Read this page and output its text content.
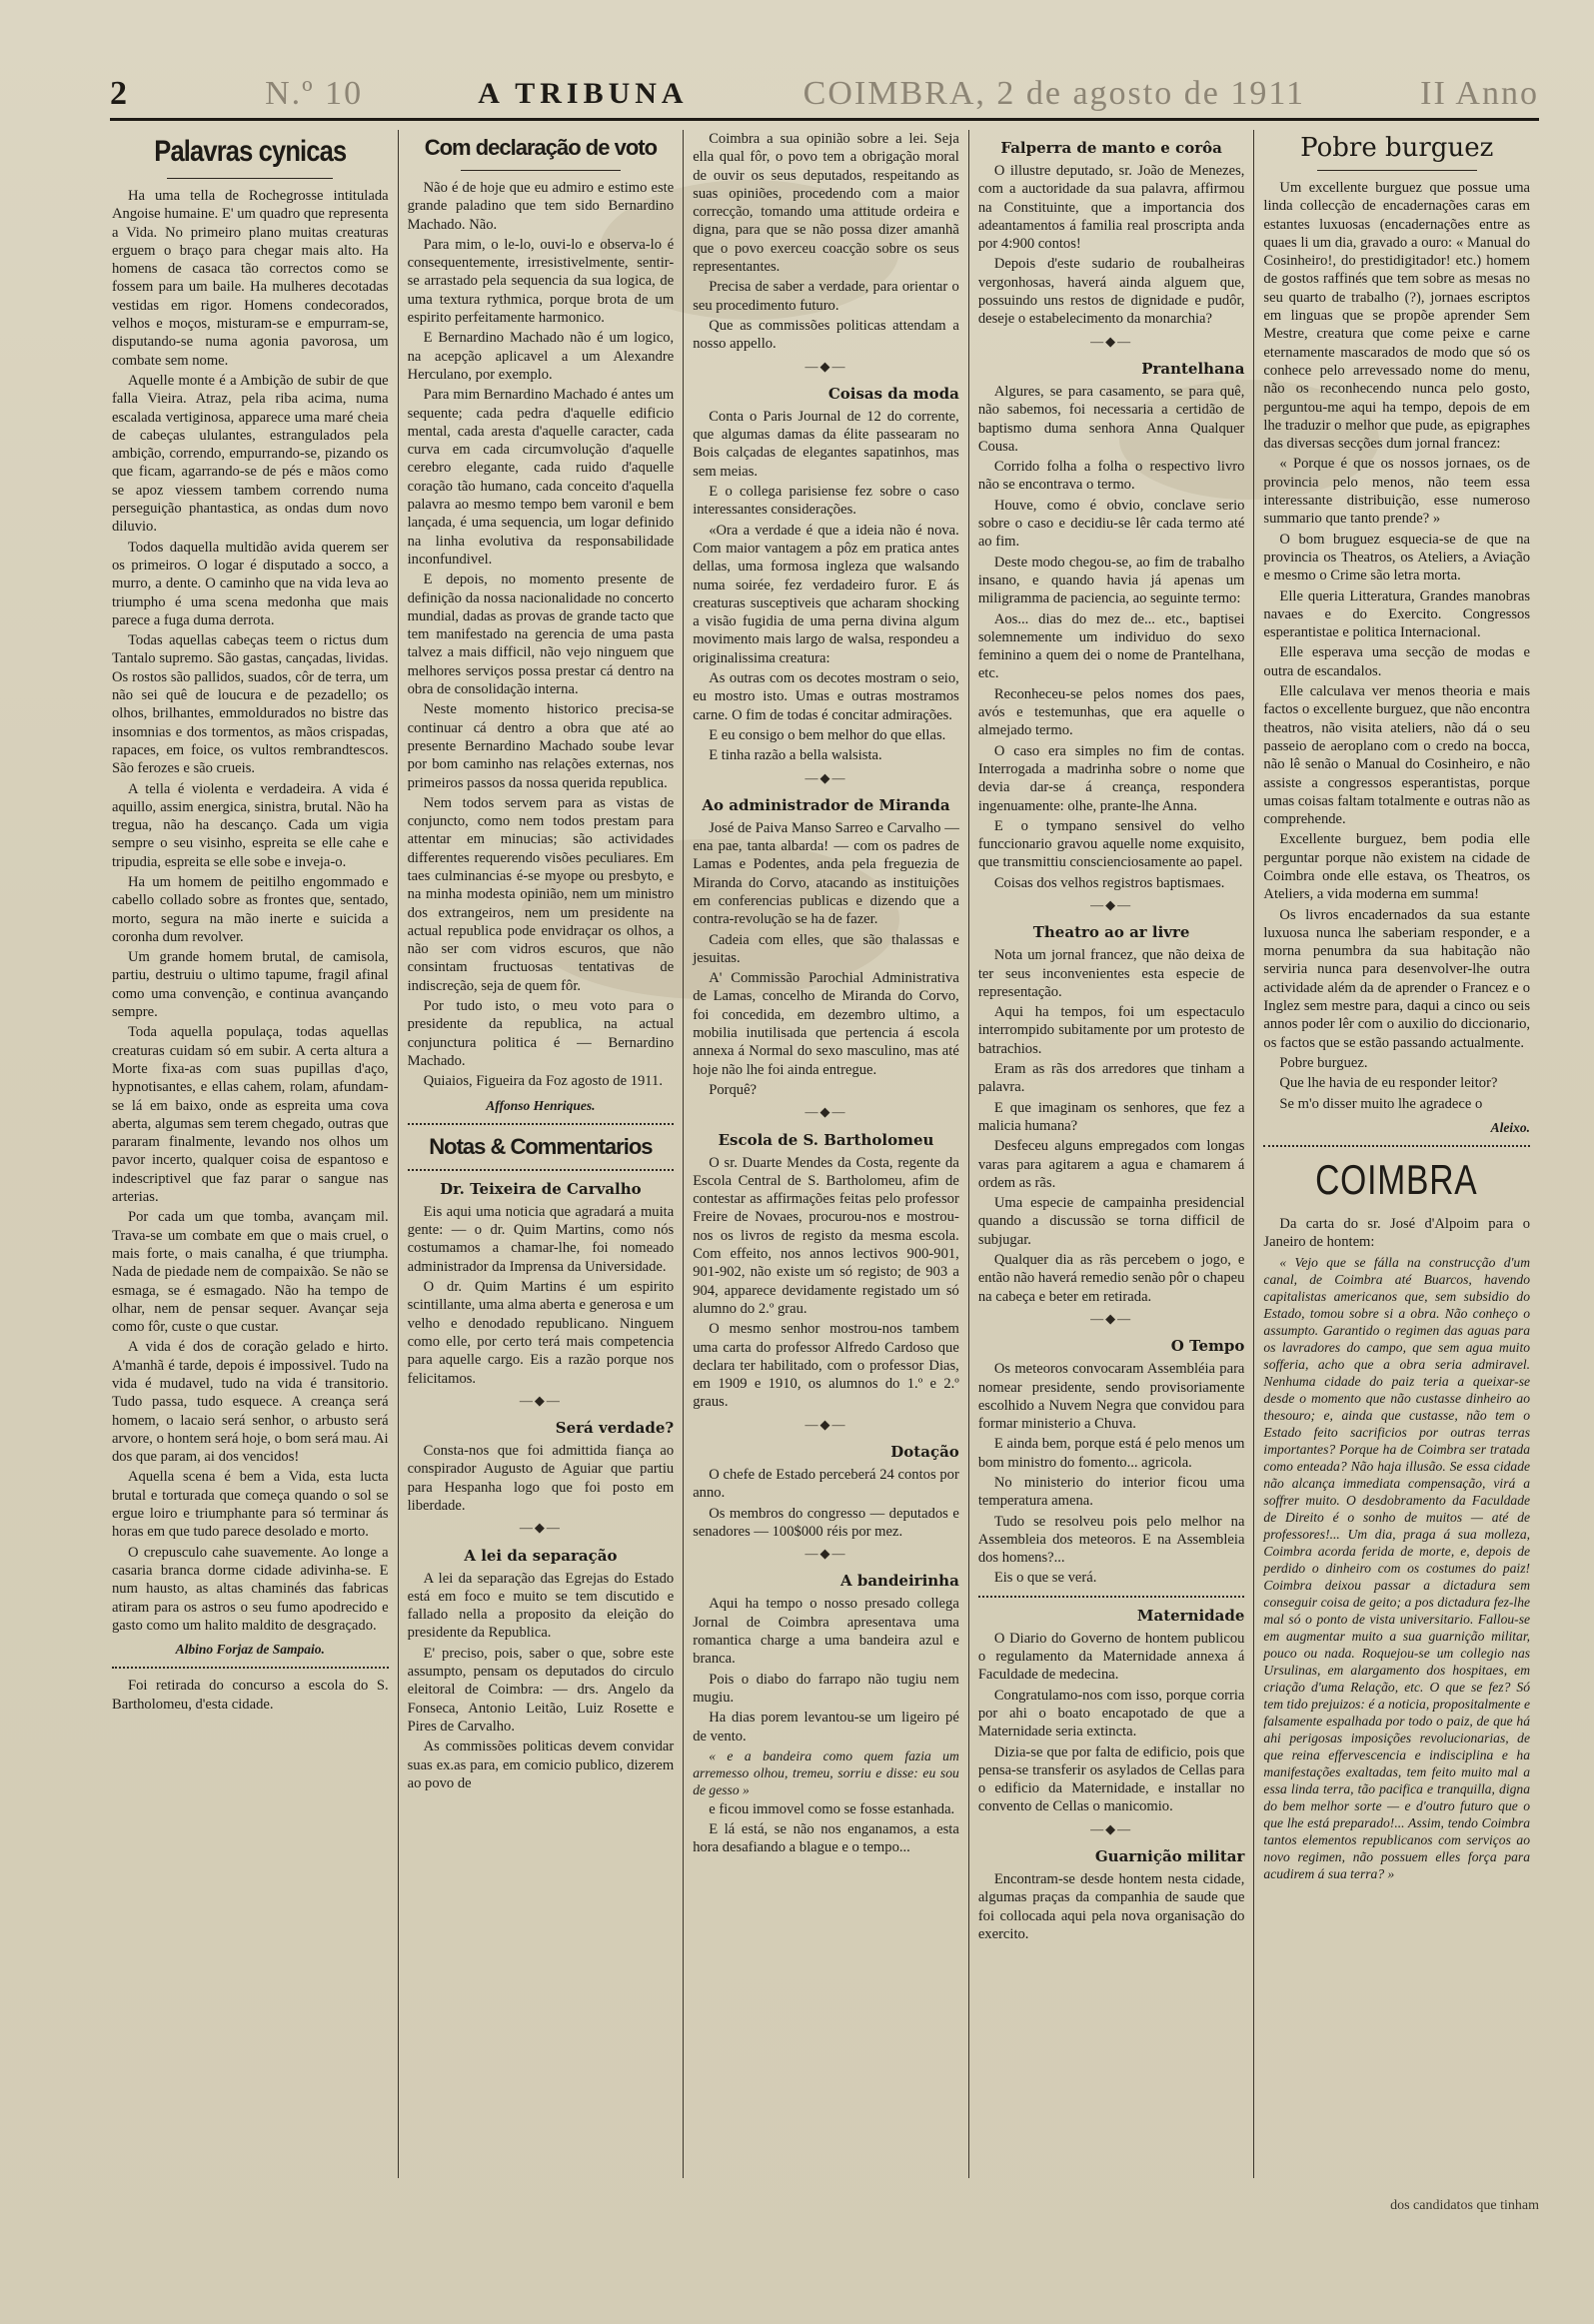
2	N.º 10	A TRIBUNA	COIMBRA, 2 de agosto de 1911	II Anno
Palavras cynicas

Ha uma tella de Rochegrosse intitulada Angoise humaine. E' um quadro que representa a Vida. No primeiro plano muitas creaturas erguem o braço para chegar mais alto. Ha homens de casaca tão correctos como se fossem para um baile. Ha mulheres decotadas vestidas em rigor. Homens condecorados, velhos e moços, misturam-se e empurram-se, disputando-se numa agonia pavorosa, um combate sem nome.

Aquelle monte é a Ambição de subir de que falla Vieira. Atraz, pela riba acima, numa escalada vertiginosa, apparece uma maré cheia de cabeças ululantes, estrangulados pela ambição, correndo, empurrando-se, pizando os que ficam, agarrando-se de pés e mãos como se apoz viessem tambem correndo numa perseguição phantastica, as ondas dum novo diluvio.

Todos daquella multidão avida querem ser os primeiros. O logar é disputado a socco, a murro, a dente. O caminho que na vida leva ao triumpho é uma scena medonha que mais parece a fuga duma derrota.

Todas aquellas cabeças teem o rictus dum Tantalo supremo. São gastas, cançadas, lividas. Os rostos são pallidos, suados, côr de terra, um não sei quê de loucura e de pezadello; os olhos, brilhantes, emmoldurados no bistre das insomnias e dos tormentos, as mãos crispadas, rapaces, em foice, os vultos rembrandtescos. São ferozes e são crueis.

A tella é violenta e verdadeira. A vida é aquillo, assim energica, sinistra, brutal. Não ha tregua, não ha descanço. Cada um vigia sempre o seu visinho, espreita se elle cahe e tripudia, espreita se elle sobe e inveja-o.

Ha um homem de peitilho engommado e cabello collado sobre as frontes que, sentado, morto, segura na mão inerte e suicida a coronha dum revolver.

Um grande homem brutal, de camisola, partiu, destruiu o ultimo tapume, fragil afinal como uma convenção, e continua avançando sempre.

Toda aquella populaça, todas aquellas creaturas cuidam só em subir. A certa altura a Morte fixa-as com suas pupillas d'aço, hypnotisantes, e ellas cahem, rolam, afundam-se lá em baixo, onde as espreita uma cova aberta, algumas sem terem chegado, outras que pararam finalmente, levando nos olhos um pavor incerto, qualquer coisa de espantoso e indescriptivel que faz parar o sangue nas arterias.

Por cada um que tomba, avançam mil. Trava-se um combate em que o mais cruel, o mais forte, o mais canalha, é que triumpha. Nada de piedade nem de compaixão. Se não se esmaga, se é esmagado. Não ha tempo de olhar, nem de pensar sequer. Avançar seja como fôr, custe o que custar.

A vida é dos de coração gelado e hirto. A'manhã é tarde, depois é impossivel. Tudo na vida é mudavel, tudo na vida é transitorio. Tudo passa, tudo esquece. A creança será homem, o lacaio será senhor, o arbusto será arvore, o hontem será hoje, o bom será mau. Ai dos que param, ai dos vencidos!

Aquella scena é bem a Vida, esta lucta brutal e torturada que começa quando o sol se ergue loiro e triumphante para só terminar ás horas em que tudo parece desolado e morto.

O crepusculo cahe suavemente. Ao longe a casaria branca dorme cidade adivinha-se. E num hausto, as altas chaminés das fabricas atiram para os astros o seu fumo apodrecido e gasto como um halito maldito de desgraçado.

Albino Forjaz de Sampaio.

Foi retirada do concurso a escola do S. Bartholomeu, d'esta cidade.

Com declaração de voto

Não é de hoje que eu admiro e estimo este grande paladino que tem sido Bernardino Machado. Não.

Para mim, o le-lo, ouvi-lo e observa-lo é consequentemente, irresistivelmente, sentir-se arrastado pela sequencia da sua logica, de uma textura rythmica, porque brota de um espirito perfeitamente harmonico.

E Bernardino Machado não é um logico, na acepção aplicavel a um Alexandre Herculano, por exemplo.

Para mim Bernardino Machado é antes um sequente; cada pedra d'aquelle edificio mental, cada aresta d'aquelle caracter, cada curva em cada circumvolução d'aquelle cerebro elegante, cada ruido d'aquelle coração tão humano, cada conceito d'aquella palavra ao mesmo tempo bem varonil e bem lançada, é uma sequencia, um logar definido na linha evolutiva da responsabilidade inconfundivel.

E depois, no momento presente de definição da nossa nacionalidade no concerto mundial, dadas as provas de grande tacto que tem manifestado na gerencia de uma pasta talvez a mais difficil, não vejo ninguem que melhores serviços possa prestar cá dentro na obra de consolidação interna.

Neste momento historico precisa-se continuar cá dentro a obra que até ao presente Bernardino Machado soube levar por bom caminho nas relações externas, nos primeiros passos da nossa querida republica.

Nem todos servem para as vistas de conjuncto, como nem todos prestam para attentar em minucias; são actividades differentes requerendo visões peculiares. Em taes culminancias é-se myope ou presbyto, e na minha modesta opinião, nem um ministro dos extrangeiros, nem um presidente na actual republica pode envidraçar os olhos, a não ser com vidros escuros, que não consintam fructuosas tentativas de indiscreção, seja de quem fôr.

Por tudo isto, o meu voto para o presidente da republica, na actual conjunctura politica é — Bernardino Machado.

Quiaios, Figueira da Foz agosto de 1911.

Affonso Henriques.
Notas & Commentarios
Dr. Teixeira de Carvalho

Eis aqui uma noticia que agradará a muita gente: — o dr. Quim Martins, como nós costumamos a chamar-lhe, foi nomeado administrador da Imprensa da Universidade.

O dr. Quim Martins é um espirito scintillante, uma alma aberta e generosa e um velho e denodado republicano. Ninguem como elle, por certo terá mais competencia para aquelle cargo. Eis a razão porque nos felicitamos.

—◆—
Será verdade?

Consta-nos que foi admittida fiança ao conspirador Augusto de Aguiar que partiu para Hespanha logo que foi posto em liberdade.

—◆—
A lei da separação

A lei da separação das Egrejas do Estado está em foco e muito se tem discutido e fallado nella a proposito da eleição do presidente da Republica.

E' preciso, pois, saber o que, sobre este assumpto, pensam os deputados do circulo eleitoral de Coimbra: — drs. Angelo da Fonseca, Antonio Leitão, Luiz Rosette e Pires de Carvalho.

As commissões politicas devem convidar suas ex.as para, em comicio publico, dizerem ao povo de

Coimbra a sua opinião sobre a lei. Seja ella qual fôr, o povo tem a obrigação moral de ouvir os seus deputados, respeitando as suas opiniões, procedendo com a maior correcção, tomando uma attitude ordeira e digna, para que se não possa dizer amanhã que o povo exerceu coacção sobre os seus representantes.

Precisa de saber a verdade, para orientar o seu procedimento futuro.

Que as commissões politicas attendam a nosso appello.

—◆—
Coisas da moda

Conta o Paris Journal de 12 do corrente, que algumas damas da élite passearam no Bois calçadas de elegantes sapatinhos, mas sem meias.

E o collega parisiense fez sobre o caso interessantes considerações.

«Ora a verdade é que a ideia não é nova. Com maior vantagem a pôz em pratica antes dellas, uma formosa ingleza que walsando numa soirée, fez verdadeiro furor. E ás creaturas susceptiveis que acharam shocking a visão fugidia de uma perna divina algum movimento mais largo de walsa, respondeu a originalissima creatura:

As outras com os decotes mostram o seio, eu mostro isto. Umas e outras mostramos carne. O fim de todas é concitar admirações.

E eu consigo o bem melhor do que ellas.

E tinha razão a bella walsista.

—◆—
Ao administrador de Miranda

José de Paiva Manso Sarreo e Carvalho — ena pae, tanta albarda! — com os padres de Lamas e Podentes, anda pela freguezia de Miranda do Corvo, atacando as instituições em conferencias publicas e dizendo que a contra-revolução se ha de fazer.

Cadeia com elles, que são thalassas e jesuitas.

A' Commissão Parochial Administrativa de Lamas, concelho de Miranda do Corvo, foi concedida, em dezembro ultimo, a mobilia inutilisada que pertencia á escola annexa á Normal do sexo masculino, mas até hoje não lhe foi ainda entregue.

Porquê?

—◆—
Escola de S. Bartholomeu

O sr. Duarte Mendes da Costa, regente da Escola Central de S. Bartholomeu, afim de contestar as affirmações feitas pelo professor Freire de Novaes, procurou-nos e mostrou-nos os livros de registo da mesma escola. Com effeito, nos annos lectivos 900-901, 901-902, não existe um só registo; de 903 a 904, apparece devidamente registado um só alumno do 2.º grau.

O mesmo senhor mostrou-nos tambem uma carta do professor Alfredo Cardoso que declara ter habilitado, com o professor Dias, em 1909 e 1910, os alumnos do 1.º e 2.º graus.

—◆—
Dotação

O chefe de Estado perceberá 24 contos por anno.

Os membros do congresso — deputados e senadores — 100$000 réis por mez.

—◆—
A bandeirinha

Aqui ha tempo o nosso presado collega Jornal de Coimbra apresentava uma romantica charge a uma bandeira azul e branca.

Pois o diabo do farrapo não tugiu nem mugiu.

Ha dias porem levantou-se um ligeiro pé de vento.

« e a bandeira como quem fazia um arremesso olhou, tremeu, sorriu e disse: eu sou de gesso »

e ficou immovel como se fosse estanhada.

E lá está, se não nos enganamos, a esta hora desafiando a blague e o tempo...

Falperra de manto e corôa

O illustre deputado, sr. João de Menezes, com a auctoridade da sua palavra, affirmou na Constituinte, que a importancia dos adeantamentos á familia real proscripta anda por 4:900 contos!

Depois d'este sudario de roubalheiras vergonhosas, haverá ainda alguem que, possuindo uns restos de dignidade e pudôr, deseje o estabelecimento da monarchia?

—◆—
Prantelhana

Algures, se para casamento, se para quê, não sabemos, foi necessaria a certidão de baptismo duma senhora Anna Qualquer Cousa.

Corrido folha a folha o respectivo livro não se encontrava o termo.

Houve, como é obvio, conclave serio sobre o caso e decidiu-se lêr cada termo até ao fim.

Deste modo chegou-se, ao fim de trabalho insano, e quando havia já apenas um miligramma de paciencia, ao seguinte termo:

Aos... dias do mez de... etc., baptisei solemnemente um individuo do sexo feminino a quem dei o nome de Prantelhana, etc.

Reconheceu-se pelos nomes dos paes, avós e testemunhas, que era aquelle o almejado termo.

O caso era simples no fim de contas. Interrogada a madrinha sobre o nome que devia dar-se á creança, respondera ingenuamente: olhe, prante-lhe Anna.

E o tympano sensivel do velho funccionario gravou aquelle nome exquisito, que transmittiu conscienciosamente ao papel.

Coisas dos velhos registros baptismaes.

—◆—
Theatro ao ar livre

Nota um jornal francez, que não deixa de ter seus inconvenientes esta especie de representação.

Aqui ha tempos, foi um espectaculo interrompido subitamente por um protesto de batrachios.

Eram as rãs dos arredores que tinham a palavra.

E que imaginam os senhores, que fez a malicia humana?

Desfeceu alguns empregados com longas varas para agitarem a agua e chamarem á ordem as rãs.

Uma especie de campainha presidencial quando a discussão se torna difficil de subjugar.

Qualquer dia as rãs percebem o jogo, e então não haverá remedio senão pôr o chapeu na cabeça e beter em retirada.

—◆—
O Tempo

Os meteoros convocaram Assembléia para nomear presidente, sendo provisoriamente escolhido a Nuvem Negra que convidou para formar ministerio a Chuva.

E ainda bem, porque está é pelo menos um bom ministro do fomento... agricola.

No ministerio do interior ficou uma temperatura amena.

Tudo se resolveu pois pelo melhor na Assembleia dos meteoros. E na Assembleia dos homens?...

Eis o que se verá.

Maternidade

O Diario do Governo de hontem publicou o regulamento da Maternidade annexa á Faculdade de medecina.

Congratulamo-nos com isso, porque corria por ahi o boato encapotado de que a Maternidade seria extincta.

Dizia-se que por falta de edificio, pois que pensa-se transferir os asylados de Cellas para o edificio da Maternidade, e installar no convento de Cellas o manicomio.

—◆—
Guarnição militar

Encontram-se desde hontem nesta cidade, algumas praças da companhia de saude que foi collocada aqui pela nova organisação do exercito.

Pobre burguez

Um excellente burguez que possue uma linda collecção de encadernações caras em estantes luxuosas (encadernações entre as quaes li um dia, gravado a ouro: « Manual do Cosinheiro!, do prestidigitador! etc.) homem de gostos raffinés que tem sobre as mesas no seu quarto de trabalho (?), jornaes escriptos em linguas que se propõe aprender Sem Mestre, creatura que come peixe e carne eternamente mascarados de modo que só os conhece pelo arrevessado nome do menu, não os reconhecendo nunca pelo gosto, perguntou-me aqui ha tempo, depois de em lhe traduzir o melhor que pude, as epigraphes das diversas secções dum jornal francez:

« Porque é que os nossos jornaes, os de provincia pelo menos, não teem essa interessante distribuição, esse numeroso summario que tanto prende? »

O bom bruguez esquecia-se de que na provincia os Theatros, os Ateliers, a Aviação e mesmo o Crime são letra morta.

Elle queria Litteratura, Grandes manobras navaes e do Exercito. Congressos esperantistae e politica Internacional.

Elle esperava uma secção de modas e outra de escandalos.

Elle calculava ver menos theoria e mais factos o excellente burguez, que não encontra theatros, não visita ateliers, não dá o seu passeio de aeroplano com o credo na bocca, não lê senão o Manual do Cosinheiro, e não assiste a congressos esperantistas, porque umas coisas faltam totalmente e outras não as comprehende.

Excellente burguez, bem podia elle perguntar porque não existem na cidade de Coimbra onde elle estava, os Theatros, os Ateliers, a vida moderna em summa!

Os livros encadernados da sua estante luxuosa nunca lhe saberiam responder, e a morna penumbra da sua habitação não serviria nunca para desenvolver-lhe outra actividade além da de aprender o Francez e o Inglez sem mestre para, daqui a cinco ou seis annos poder lêr com o auxilio do diccionario, os factos que se estão passando actualmente.

Pobre burguez.

Que lhe havia de eu responder leitor?

Se m'o disser muito lhe agradece o

Aleixo.
COIMBRA

Da carta do sr. José d'Alpoim para o Janeiro de hontem:

« Vejo que se fálla na construcção d'um canal, de Coimbra até Buarcos, havendo capitalistas americanos que, sem subsidio do Estado, tomou sobre si a obra. Não conheço o assumpto. Garantido o regimen das aguas para os lavradores do campo, que sem agua muito sofferia, acho que a obra seria admiravel. Nenhuma cidade do paiz teria a queixar-se desde o momento que não custasse dinheiro ao thesouro; e, ainda que custasse, não tem o Estado feito sacrificios por outras terras importantes? Porque ha de Coimbra ser tratada como enteada? Não haja illusão. Se essa cidade não alcança immediata compensação, virá a soffrer muito. O desdobramento da Faculdade de Direito é o sonho de muitos — até de professores!... Um dia, praga á sua molleza, Coimbra acorda ferida de morte, e, depois de perdido o dinheiro com os costumes do paiz! Coimbra deixou passar a dictadura sem conseguir coisa de geito; a pos dictadura fez-lhe mal só o ponto de vista universitario. Fallou-se em augmentar muito a sua guarnição militar, pouco ou nada. Roquejou-se um collegio nas Ursulinas, em alargamento dos hospitaes, em criação d'uma Relação, etc. O que se fez? Só tem tido prejuizos: é a noticia, propositalmente e falsamente espalhada por todo o paiz, de que há ahi perigosas imposições revolucionarias, de que reina effervescencia e indisciplina e ha manifestações exaltadas, tem feito muito mal a essa linda terra, tão pacifica e tranquilla, digna do bem melhor sorte — e d'outro futuro que o que lhe está preparado!... Assim, tendo Coimbra tantos elementos republicanos com serviços ao novo regimen, não possuem elles força para acudirem á sua terra? »

dos candidatos que tinham
